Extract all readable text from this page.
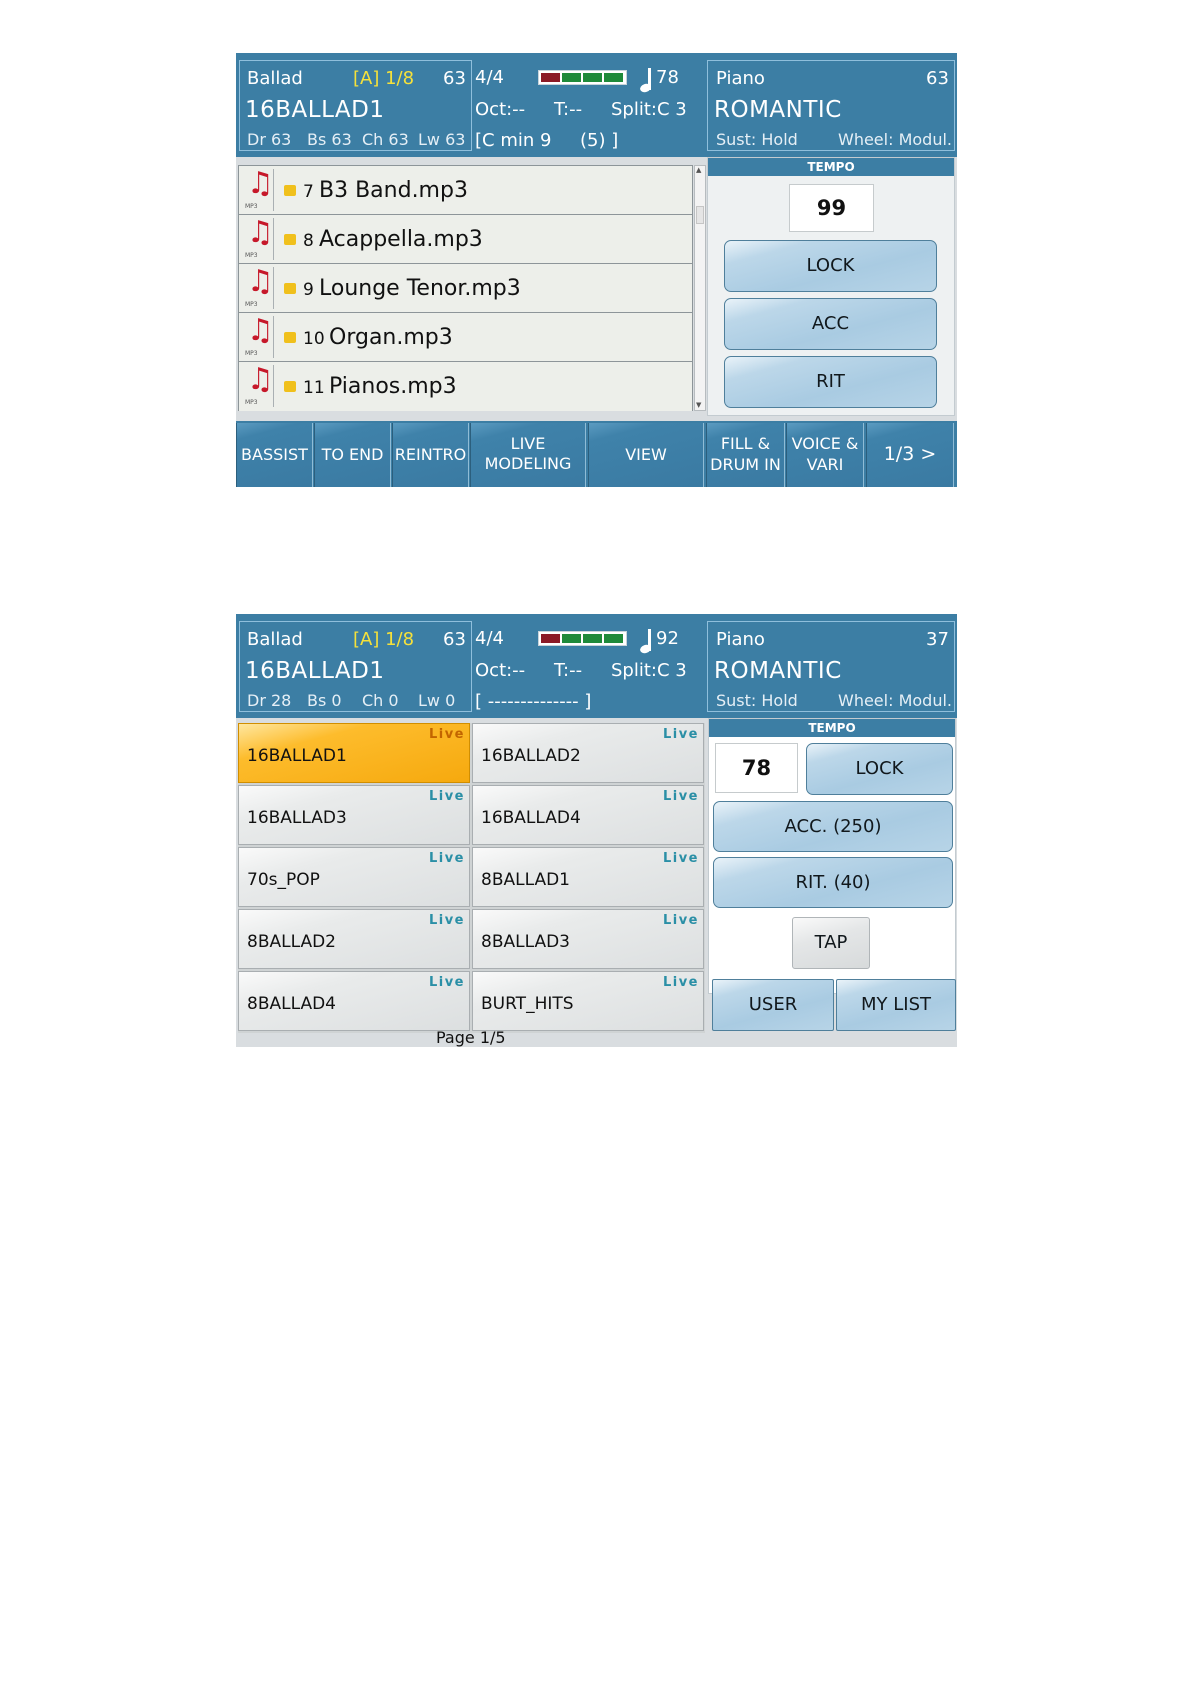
Ballad	[A] 1/8 63
16BALLAD1
Dr 63 Bs 63 Ch 63 Lw 63
4/4	78
Oct:-- T:-- Split:C 3
[C min 9     (5) ]
Piano	63
ROMANTIC
Sust: Hold	Wheel: Modul.
♫
MP3
7 B3 Band.mp3
♫
MP3
8 Acappella.mp3
♫
MP3
9 Lounge Tenor.mp3
♫
MP3
10 Organ.mp3
♫
MP3
11 Pianos.mp3
▲
▼
TEMPO
99
LOCK
ACC
RIT
BASSIST TO END REINTRO
LIVE
MODELING	VIEW
FILL &
DRUM IN
VOICE &
VARI	1/3 >
Ballad	[A] 1/8 63
16BALLAD1
Dr 28 Bs 0 Ch 0 Lw 0
4/4	92
Oct:-- T:-- Split:C 3
[ -------------- ]
Piano	37
ROMANTIC
Sust: Hold	Wheel: Modul.
16BALLAD1
Live
16BALLAD2
Live
16BALLAD3
Live
16BALLAD4
Live
70s_POP
Live
8BALLAD1
Live
8BALLAD2
Live
8BALLAD3
Live
8BALLAD4
Live
BURT_HITS
Live
Page 1/5
TEMPO
78	LOCK
ACC. (250)
RIT. (40)
TAP
USER	MY LIST
